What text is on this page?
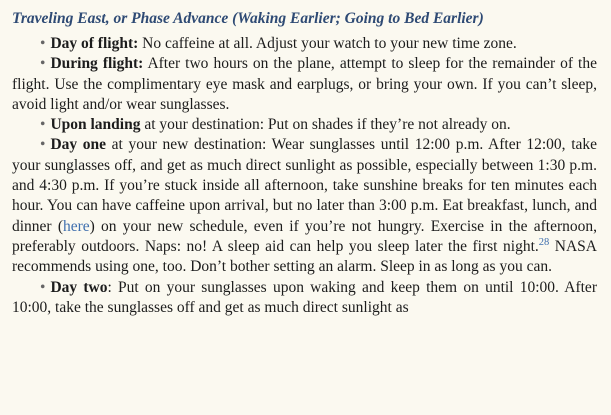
Traveling East, or Phase Advance (Waking Earlier; Going to Bed Earlier)

• Day of flight: No caffeine at all. Adjust your watch to your new time zone.

• During flight: After two hours on the plane, attempt to sleep for the remainder of the flight. Use the complimentary eye mask and earplugs, or bring your own. If you can’t sleep, avoid light and/or wear sunglasses.

• Upon landing at your destination: Put on shades if they’re not already on.

• Day one at your new destination: Wear sunglasses until 12:00 p.m. After 12:00, take your sunglasses off, and get as much direct sunlight as possible, especially between 1:30 p.m. and 4:30 p.m. If you’re stuck inside all afternoon, take sunshine breaks for ten minutes each hour. You can have caffeine upon arrival, but no later than 3:00 p.m. Eat breakfast, lunch, and dinner (here) on your new schedule, even if you’re not hungry. Exercise in the afternoon, preferably outdoors. Naps: no! A sleep aid can help you sleep later the first night.$^{28}$ NASA recommends using one, too. Don’t bother setting an alarm. Sleep in as long as you can.

• Day two: Put on your sunglasses upon waking and keep them on until 10:00. After 10:00, take the sunglasses off and get as much direct sunlight as
